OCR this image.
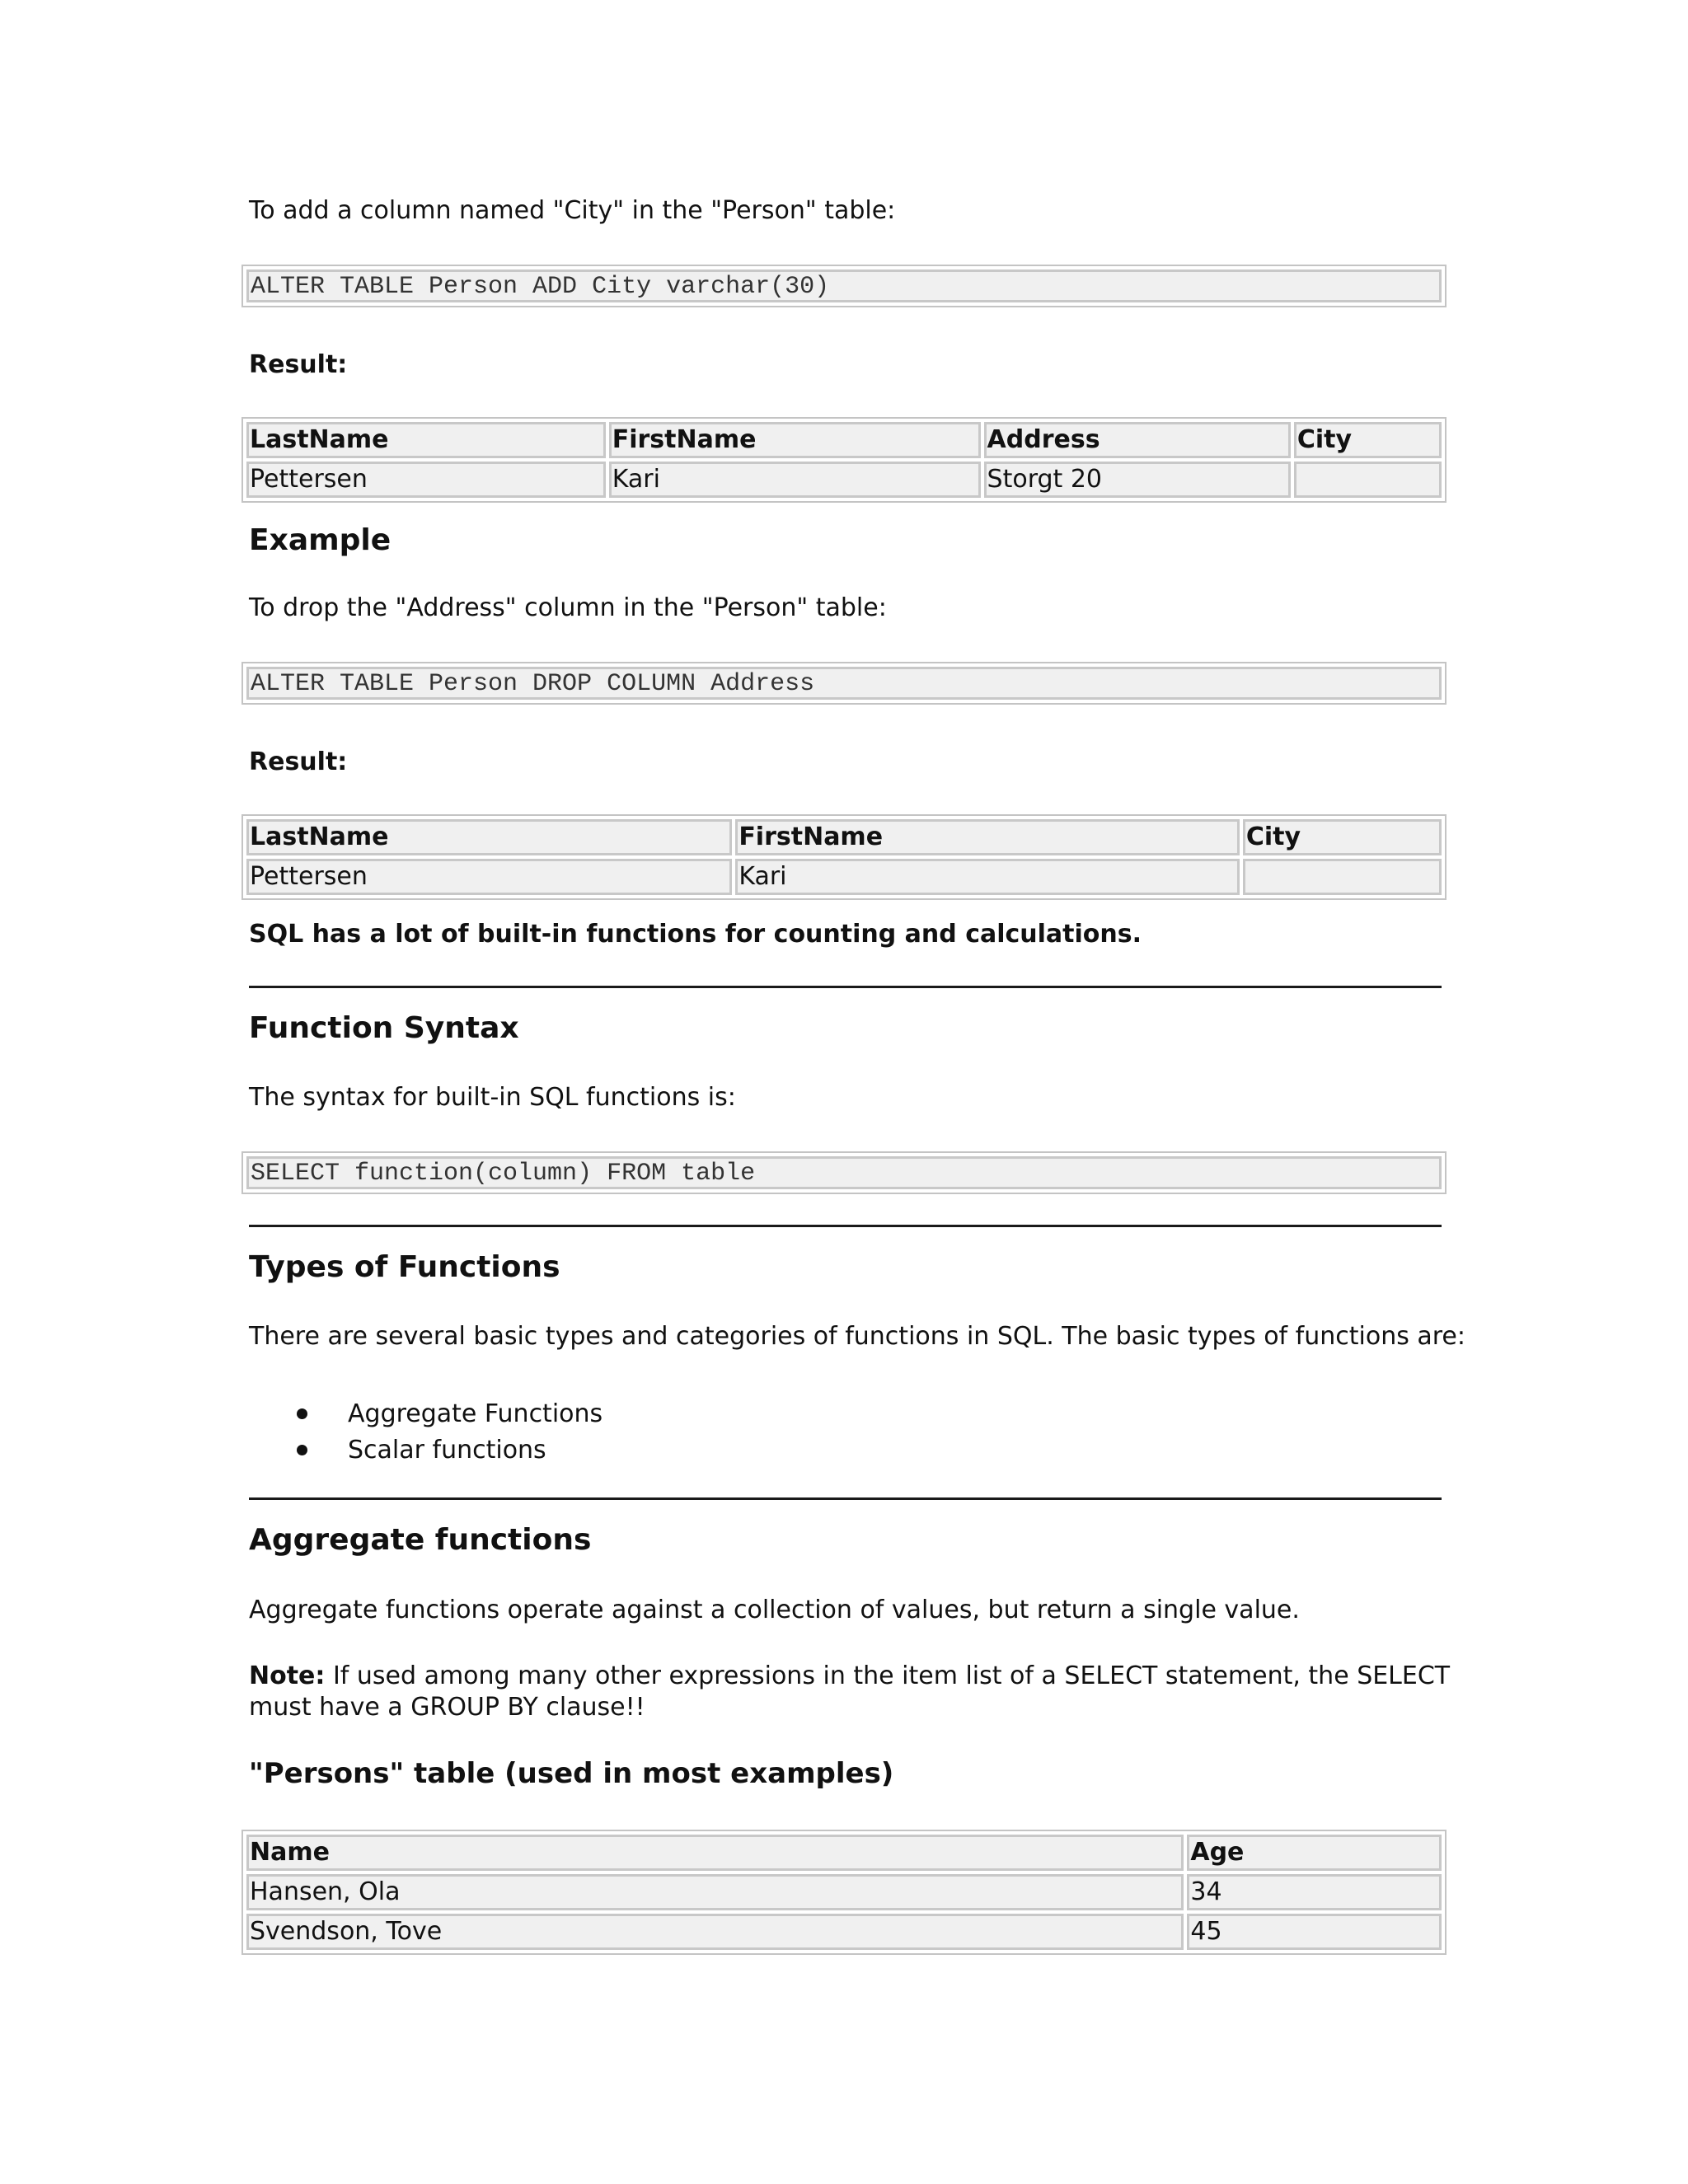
To add a column named "City" in the "Person" table:

ALTER TABLE Person ADD City varchar(30)

Result:

LastName	FirstName	Address	City
Pettersen	Kari	Storgt 20	
Example

To drop the "Address" column in the "Person" table:

ALTER TABLE Person DROP COLUMN Address

Result:

LastName	FirstName	City
Pettersen	Kari	

SQL has a lot of built-in functions for counting and calculations.

Function Syntax

The syntax for built-in SQL functions is:

SELECT function(column) FROM table
Types of Functions

There are several basic types and categories of functions in SQL. The basic types of functions are:

Aggregate Functions
Scalar functions
Aggregate functions

Aggregate functions operate against a collection of values, but return a single value.

Note: If used among many other expressions in the item list of a SELECT statement, the SELECT

must have a GROUP BY clause!!

"Persons" table (used in most examples)
Name	Age
Hansen, Ola	34
Svendson, Tove	45
